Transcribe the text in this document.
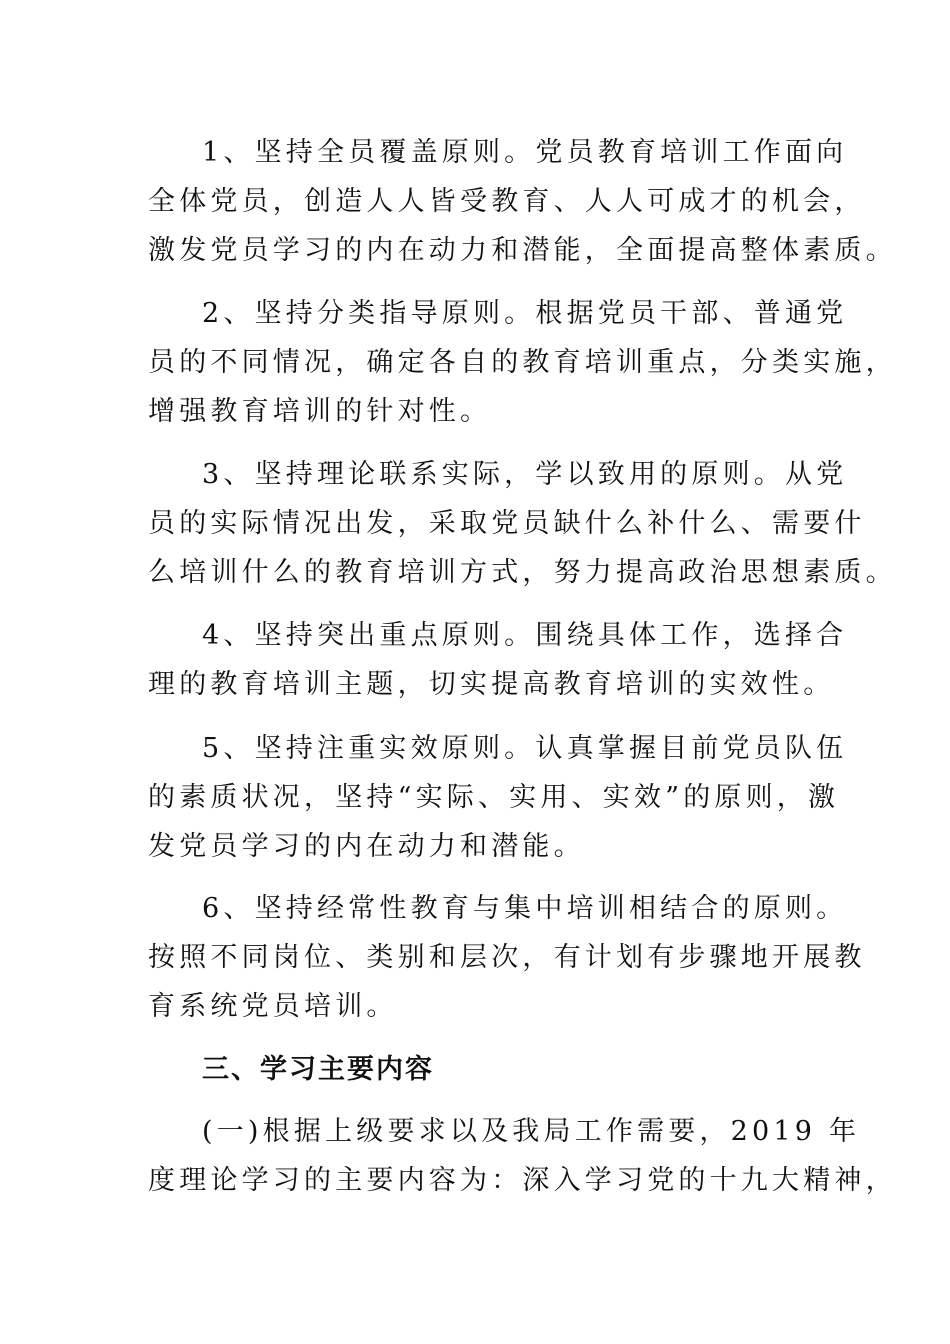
1、坚持全员覆盖原则。党员教育培训工作面向
全体党员，创造人人皆受教育、人人可成才的机会，
激发党员学习的内在动力和潜能，全面提高整体素质。
2、坚持分类指导原则。根据党员干部、普通党
员的不同情况，确定各自的教育培训重点，分类实施，
增强教育培训的针对性。
3、坚持理论联系实际，学以致用的原则。从党
员的实际情况出发，采取党员缺什么补什么、需要什
么培训什么的教育培训方式，努力提高政治思想素质。
4、坚持突出重点原则。围绕具体工作，选择合
理的教育培训主题，切实提高教育培训的实效性。
5、坚持注重实效原则。认真掌握目前党员队伍
的素质状况，坚持“实际、实用、实效”的原则，激
发党员学习的内在动力和潜能。
6、坚持经常性教育与集中培训相结合的原则。
按照不同岗位、类别和层次，有计划有步骤地开展教
育系统党员培训。
三、学习主要内容
(一)根据上级要求以及我局工作需要，2019 年
度理论学习的主要内容为：深入学习党的十九大精神，
